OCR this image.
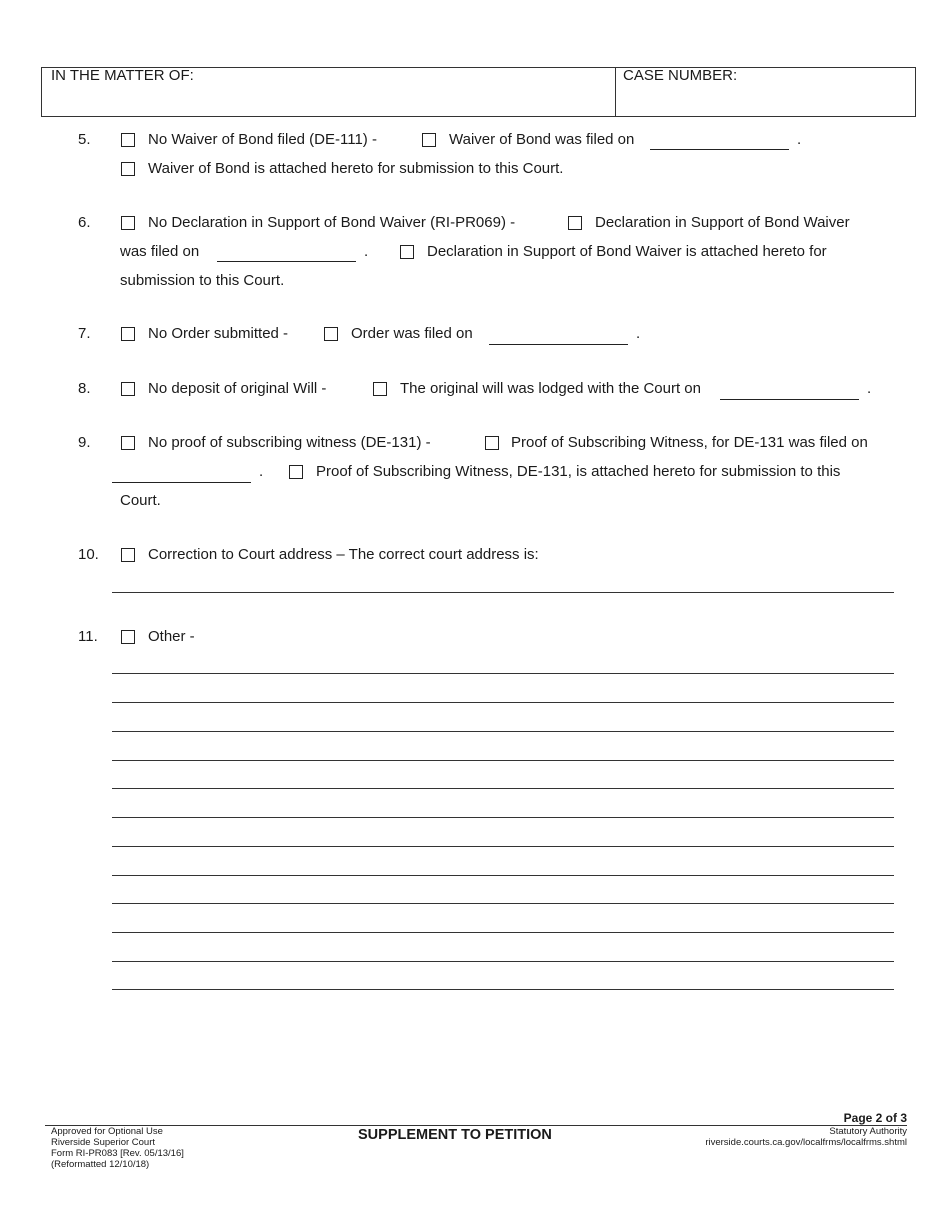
IN THE MATTER OF:	CASE NUMBER:
5.	No Waiver of Bond filed (DE-111) -	Waiver of Bond was filed on	.
Waiver of Bond is attached hereto for submission to this Court.
6.	No Declaration in Support of Bond Waiver (RI-PR069) -	Declaration in Support of Bond Waiver
was filed on	.	Declaration in Support of Bond Waiver is attached hereto for
submission to this Court.
7.	No Order submitted -	Order was filed on	.
8.	No deposit of original Will -	The original will was lodged with the Court on	.
9.	No proof of subscribing witness (DE-131) -	Proof of Subscribing Witness, for DE-131 was filed on
.	Proof of Subscribing Witness, DE-131, is attached hereto for submission to this
Court.
10.	Correction to Court address – The correct court address is:
11.	Other -
Page 2 of 3
Approved for Optional Use
Riverside Superior Court
Form RI-PR083 [Rev. 05/13/16]
(Reformatted 12/10/18)
SUPPLEMENT TO PETITION	Statutory Authority
riverside.courts.ca.gov/localfrms/localfrms.shtml
